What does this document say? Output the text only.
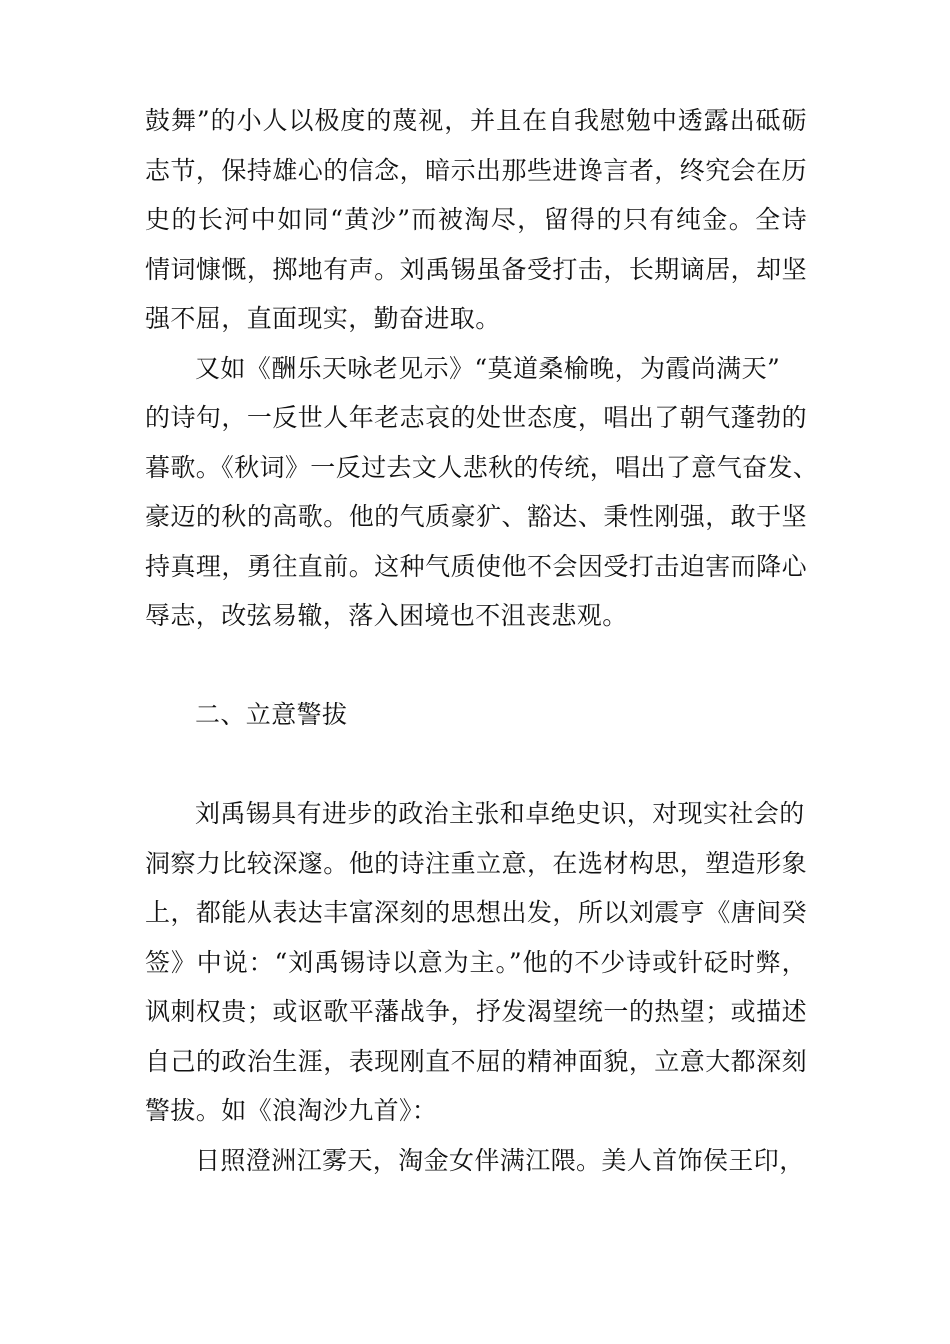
鼓舞”的小人以极度的蔑视，并且在自我慰勉中透露出砥砺
志节，保持雄心的信念，暗示出那些进谗言者，终究会在历
史的长河中如同“黄沙”而被淘尽，留得的只有纯金。全诗
情词慷慨，掷地有声。刘禹锡虽备受打击，长期谪居，却坚
强不屈，直面现实，勤奋进取。

又如《酬乐天咏老见示》“莫道桑榆晚，为霞尚满天”
的诗句，一反世人年老志哀的处世态度，唱出了朝气蓬勃的
暮歌。《秋词》一反过去文人悲秋的传统，唱出了意气奋发、
豪迈的秋的高歌。他的气质豪犷、豁达、秉性刚强，敢于坚
持真理，勇往直前。这种气质使他不会因受打击迫害而降心
辱志，改弦易辙，落入困境也不沮丧悲观。

二、立意警拔

刘禹锡具有进步的政治主张和卓绝史识，对现实社会的
洞察力比较深邃。他的诗注重立意，在选材构思，塑造形象
上，都能从表达丰富深刻的思想出发，所以刘震亨《唐间癸
签》中说：“刘禹锡诗以意为主。”他的不少诗或针砭时弊，
讽刺权贵；或讴歌平藩战争，抒发渴望统一的热望；或描述
自己的政治生涯，表现刚直不屈的精神面貌，立意大都深刻
警拔。如《浪淘沙九首》：

日照澄洲江雾天，淘金女伴满江隈。美人首饰侯王印，
